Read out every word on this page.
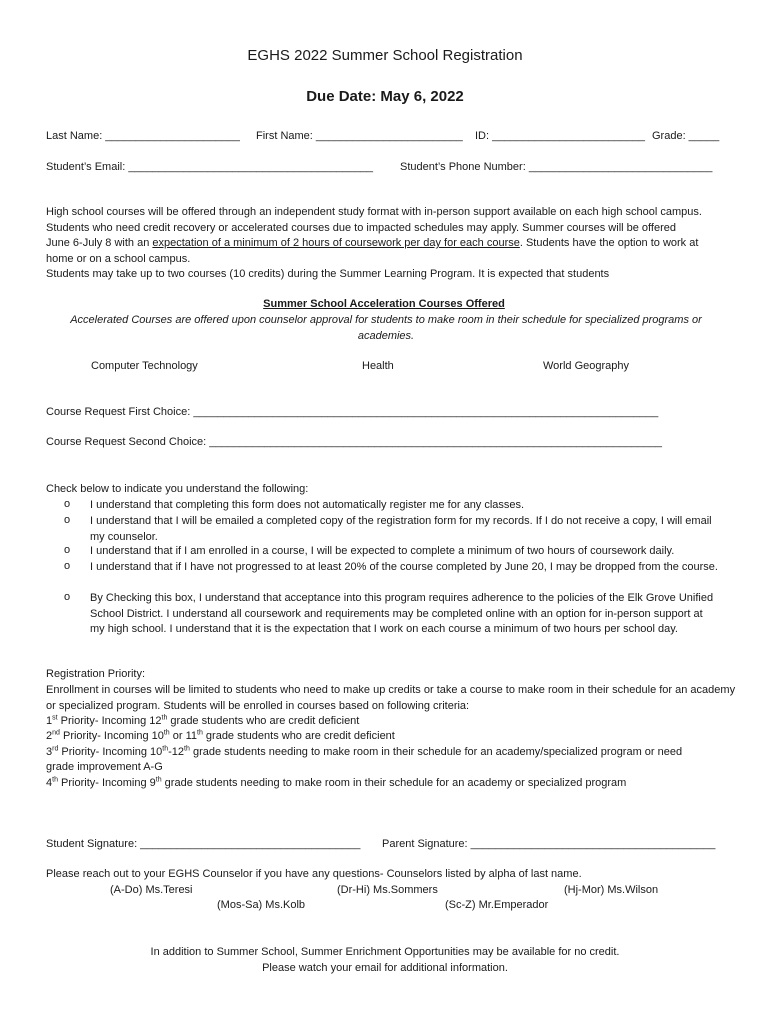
EGHS 2022 Summer School Registration
Due Date: May 6, 2022
Last Name: ______________________ First Name: ________________________ ID: _________________________ Grade: _____
Student’s Email: ________________________________________ Student’s Phone Number: ______________________________
High school courses will be offered through an independent study format with in-person support available on each high school campus.
Students who need credit recovery or accelerated courses due to impacted schedules may apply. Summer courses will be offered
June 6-July 8 with an expectation of a minimum of 2 hours of coursework per day for each course. Students have the option to work at
home or on a school campus.
Students may take up to two courses (10 credits) during the Summer Learning Program. It is expected that students
Summer School Acceleration Courses Offered
Accelerated Courses are offered upon counselor approval for students to make room in their schedule for specialized programs or academies.
Computer Technology	Health	World Geography
Course Request First Choice: ____________________________________________________________________________
Course Request Second Choice: __________________________________________________________________________
Check below to indicate you understand the following:
o I understand that completing this form does not automatically register me for any classes.
o I understand that I will be emailed a completed copy of the registration form for my records. If I do not receive a copy, I will email my counselor.
o I understand that if I am enrolled in a course, I will be expected to complete a minimum of two hours of coursework daily.
o I understand that if I have not progressed to at least 20% of the course completed by June 20, I may be dropped from the course.
o By Checking this box, I understand that acceptance into this program requires adherence to the policies of the Elk Grove Unified School District. I understand all coursework and requirements may be completed online with an option for in-person support at my high school. I understand that it is the expectation that I work on each course a minimum of two hours per school day.
Registration Priority:
Enrollment in courses will be limited to students who need to make up credits or take a course to make room in their schedule for an academy or specialized program. Students will be enrolled in courses based on following criteria:
1st Priority- Incoming 12th grade students who are credit deficient
2nd Priority- Incoming 10th or 11th grade students who are credit deficient
3rd Priority- Incoming 10th-12th grade students needing to make room in their schedule for an academy/specialized program or need
grade improvement A-G
4th Priority- Incoming 9th grade students needing to make room in their schedule for an academy or specialized program
Student Signature: ____________________________________ Parent Signature: ________________________________________
Please reach out to your EGHS Counselor if you have any questions- Counselors listed by alpha of last name.
(A-Do) Ms.Teresi	(Dr-Hi) Ms.Sommers	(Hj-Mor) Ms.Wilson
(Mos-Sa) Ms.Kolb	(Sc-Z) Mr.Emperador
In addition to Summer School, Summer Enrichment Opportunities may be available for no credit.
Please watch your email for additional information.
